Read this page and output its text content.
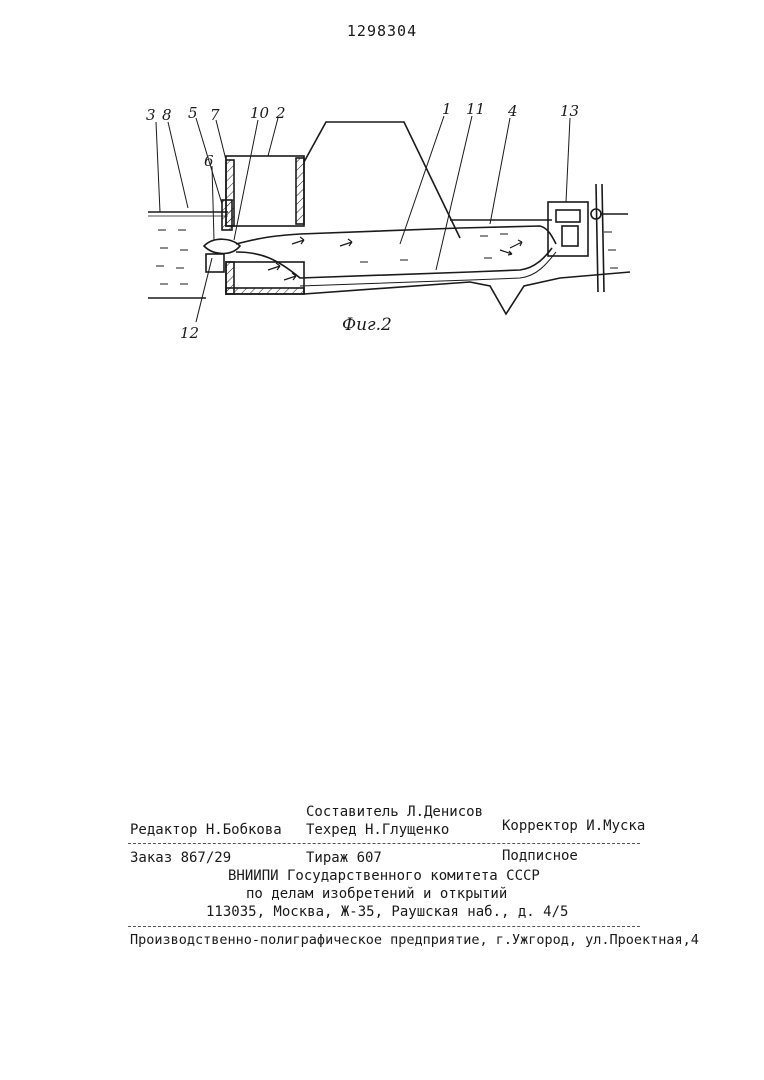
1298304
3 8 5 7 10 2	1 11 4	13
6
12	Фиг.2
Составитель Л.Денисов
Редактор Н.Бобкова Техред Н.Глущенко	Корректор И.Муска
Заказ 867/29	Тираж 607	Подписное
ВНИИПИ Государственного комитета СССР
по делам изобретений и открытий
113035, Москва, Ж-35, Раушская наб., д. 4/5
Производственно-полиграфическое предприятие, г.Ужгород, ул.Проектная,4
